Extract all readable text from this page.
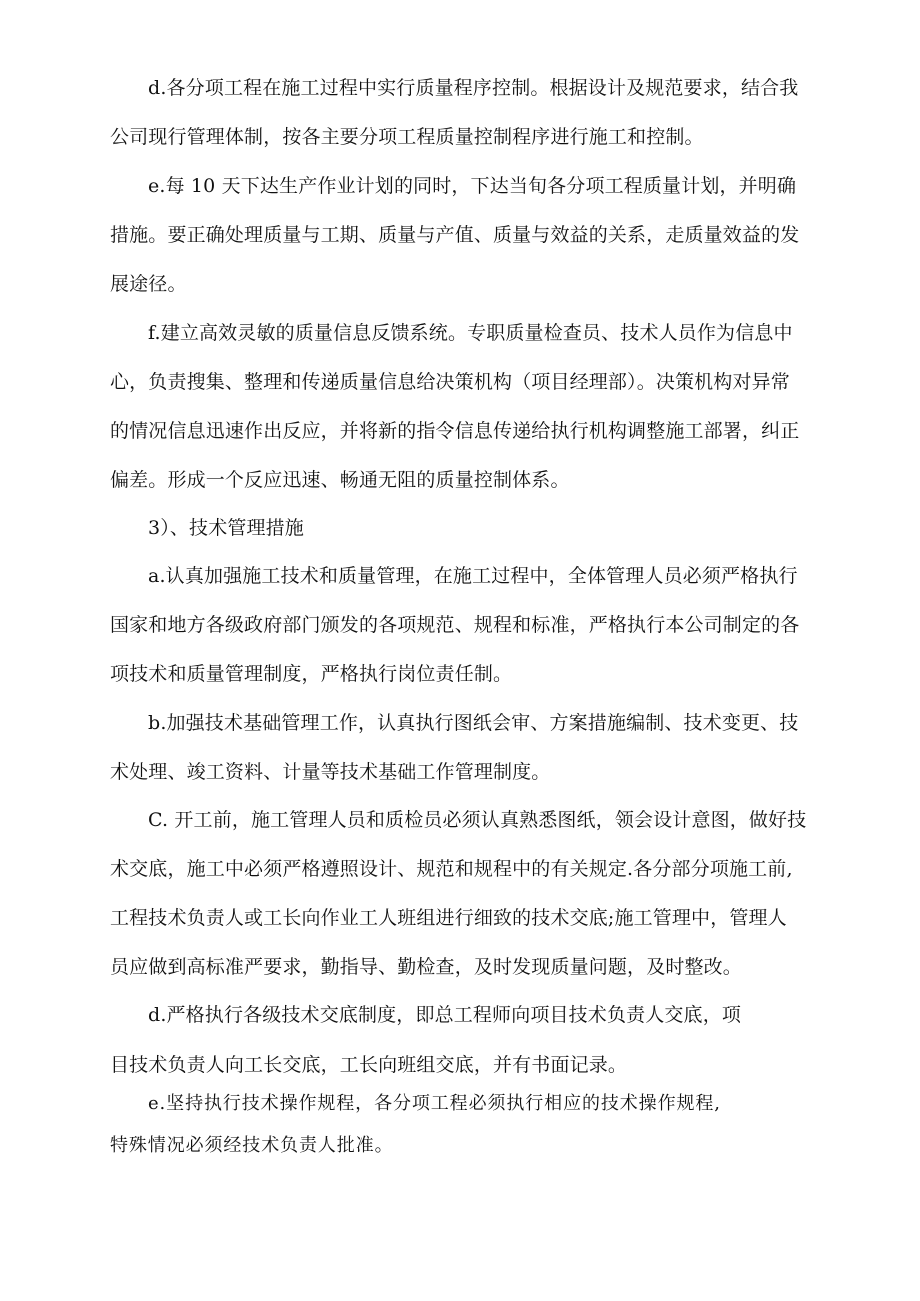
d.各分项工程在施工过程中实行质量程序控制。根据设计及规范要求，结合我
公司现行管理体制，按各主要分项工程质量控制程序进行施工和控制。
e.每 10 天下达生产作业计划的同时，下达当旬各分项工程质量计划，并明确
措施。要正确处理质量与工期、质量与产值、质量与效益的关系，走质量效益的发
展途径。
f.建立高效灵敏的质量信息反馈系统。专职质量检查员、技术人员作为信息中
心，负责搜集、整理和传递质量信息给决策机构（项目经理部）。决策机构对异常
的情况信息迅速作出反应，并将新的指令信息传递给执行机构调整施工部署，纠正
偏差。形成一个反应迅速、畅通无阻的质量控制体系。
3）、技术管理措施
a.认真加强施工技术和质量管理，在施工过程中，全体管理人员必须严格执行
国家和地方各级政府部门颁发的各项规范、规程和标准，严格执行本公司制定的各
项技术和质量管理制度，严格执行岗位责任制。
b.加强技术基础管理工作，认真执行图纸会审、方案措施编制、技术变更、技
术处理、竣工资料、计量等技术基础工作管理制度。
C. 开工前，施工管理人员和质检员必须认真熟悉图纸，领会设计意图，做好技
术交底，施工中必须严格遵照设计、规范和规程中的有关规定.各分部分项施工前,
工程技术负责人或工长向作业工人班组进行细致的技术交底;施工管理中，管理人
员应做到高标准严要求，勤指导、勤检查，及时发现质量问题，及时整改。
d.严格执行各级技术交底制度，即总工程师向项目技术负责人交底，项
目技术负责人向工长交底，工长向班组交底，并有书面记录。
e.坚持执行技术操作规程，各分项工程必须执行相应的技术操作规程,
特殊情况必须经技术负责人批准。
